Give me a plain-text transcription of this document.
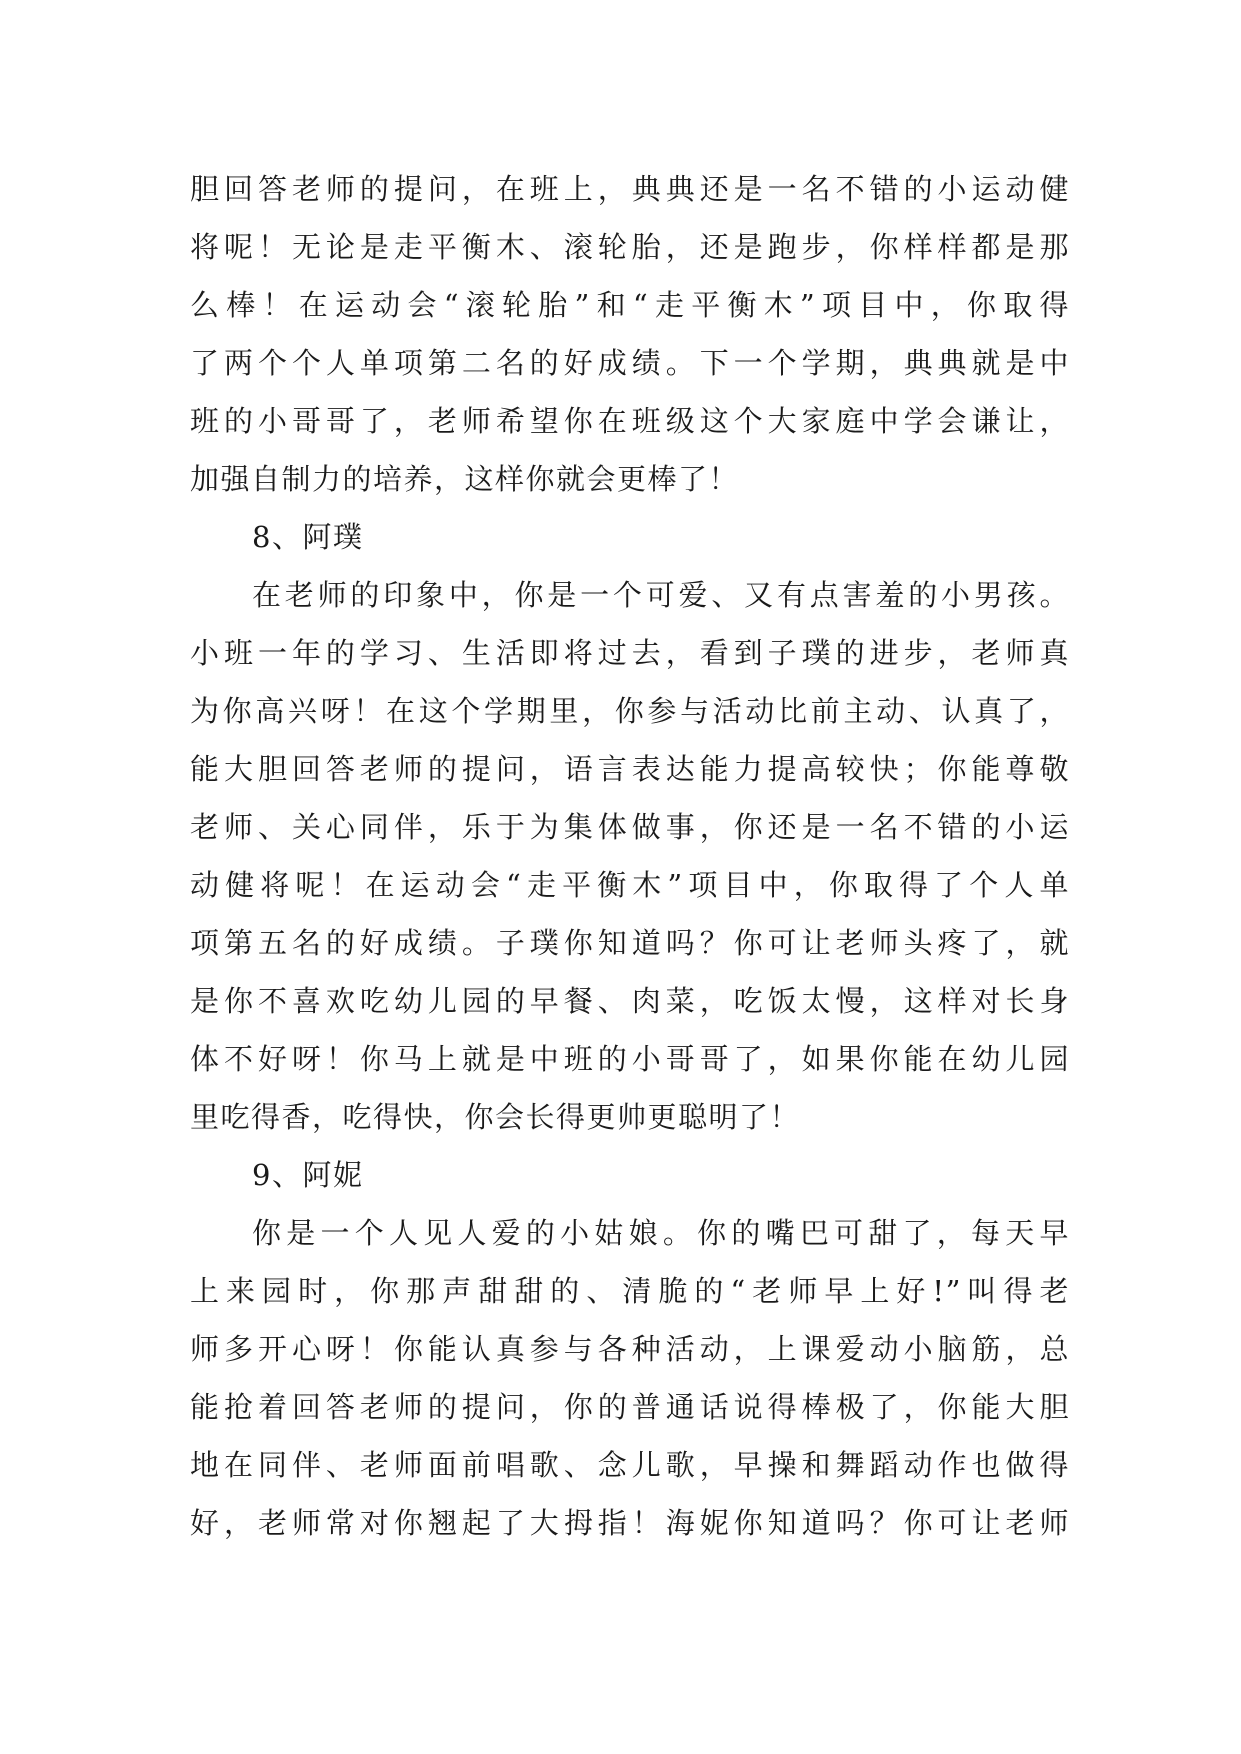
胆回答老师的提问，在班上，典典还是一名不错的小运动健
将呢！无论是走平衡木、滚轮胎，还是跑步，你样样都是那
么棒！在运动会“滚轮胎”和“走平衡木”项目中，你取得
了两个个人单项第二名的好成绩。下一个学期，典典就是中
班的小哥哥了，老师希望你在班级这个大家庭中学会谦让，
加强自制力的培养，这样你就会更棒了！
8、阿璞
在老师的印象中，你是一个可爱、又有点害羞的小男孩。
小班一年的学习、生活即将过去，看到子璞的进步，老师真
为你高兴呀！在这个学期里，你参与活动比前主动、认真了，
能大胆回答老师的提问，语言表达能力提高较快；你能尊敬
老师、关心同伴，乐于为集体做事，你还是一名不错的小运
动健将呢！在运动会“走平衡木”项目中，你取得了个人单
项第五名的好成绩。子璞你知道吗？你可让老师头疼了，就
是你不喜欢吃幼儿园的早餐、肉菜，吃饭太慢，这样对长身
体不好呀！你马上就是中班的小哥哥了，如果你能在幼儿园
里吃得香，吃得快，你会长得更帅更聪明了！
9、阿妮
你是一个人见人爱的小姑娘。你的嘴巴可甜了，每天早
上来园时，你那声甜甜的、清脆的“老师早上好!”叫得老
师多开心呀！你能认真参与各种活动，上课爱动小脑筋，总
能抢着回答老师的提问，你的普通话说得棒极了，你能大胆
地在同伴、老师面前唱歌、念儿歌，早操和舞蹈动作也做得
好，老师常对你翘起了大拇指！海妮你知道吗？你可让老师
